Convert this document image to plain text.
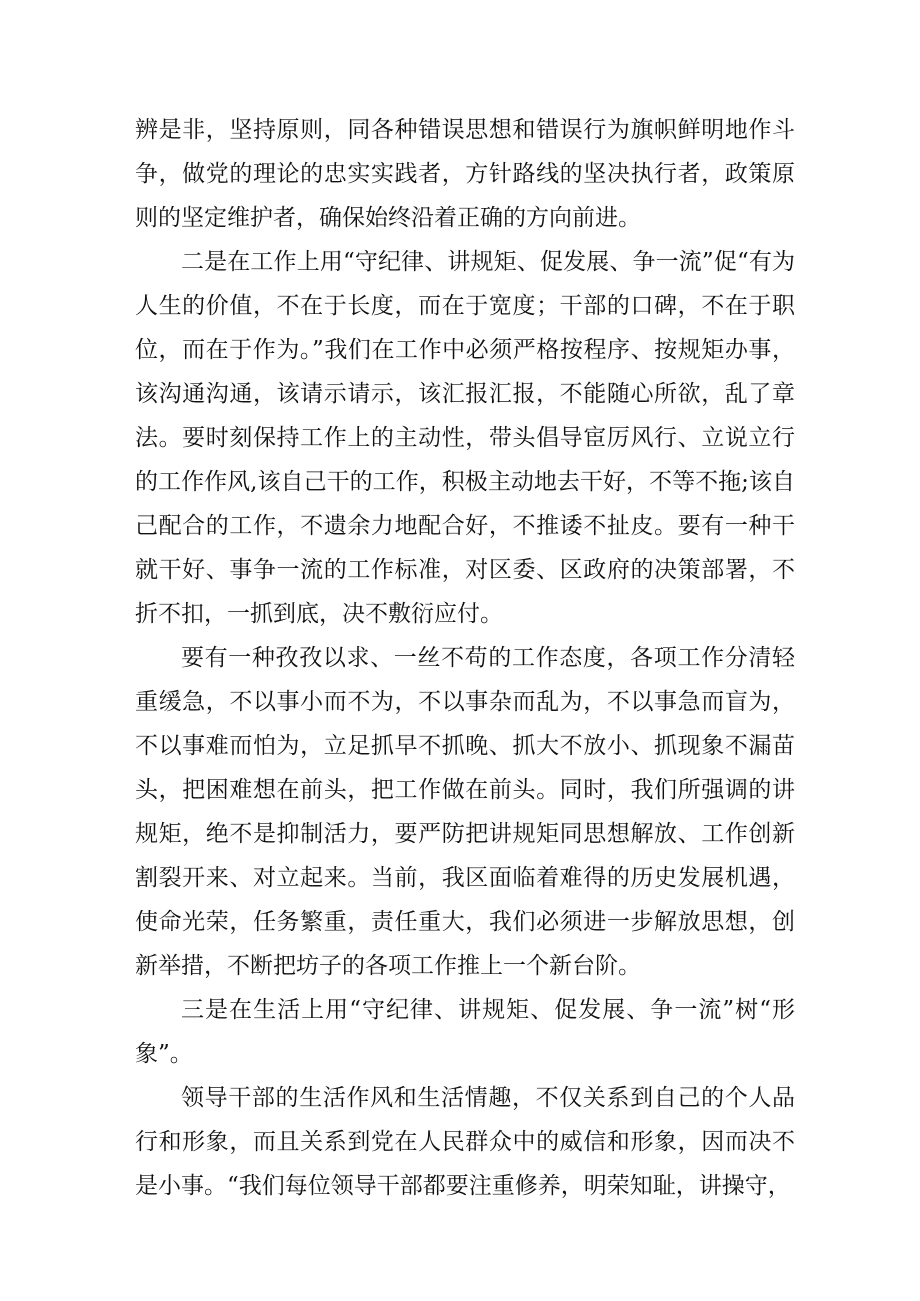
辨是非，坚持原则，同各种错误思想和错误行为旗帜鲜明地作斗争，做党的理论的忠实实践者，方针路线的坚决执行者，政策原则的坚定维护者，确保始终沿着正确的方向前进。

二是在工作上用“守纪律、讲规矩、促发展、争一流”促“有为人生的价值，不在于长度，而在于宽度；干部的口碑，不在于职位，而在于作为。”我们在工作中必须严格按程序、按规矩办事，该沟通沟通，该请示请示，该汇报汇报，不能随心所欲，乱了章法。要时刻保持工作上的主动性，带头倡导宦厉风行、立说立行的工作作风,该自己干的工作，积极主动地去干好，不等不拖;该自己配合的工作，不遗余力地配合好，不推诿不扯皮。要有一种干就干好、事争一流的工作标准，对区委、区政府的决策部署，不折不扣，一抓到底，决不敷衍应付。

要有一种孜孜以求、一丝不苟的工作态度，各项工作分清轻重缓急，不以事小而不为，不以事杂而乱为，不以事急而盲为，不以事难而怕为，立足抓早不抓晚、抓大不放小、抓现象不漏苗头，把困难想在前头，把工作做在前头。同时，我们所强调的讲规矩，绝不是抑制活力，要严防把讲规矩同思想解放、工作创新割裂开来、对立起来。当前，我区面临着难得的历史发展机遇，使命光荣，任务繁重，责任重大，我们必须进一步解放思想，创新举措，不断把坊子的各项工作推上一个新台阶。

三是在生活上用“守纪律、讲规矩、促发展、争一流”树“形象”。

领导干部的生活作风和生活情趣，不仅关系到自己的个人品行和形象，而且关系到党在人民群众中的威信和形象，因而决不是小事。“我们每位领导干部都要注重修养，明荣知耻，讲操守，
